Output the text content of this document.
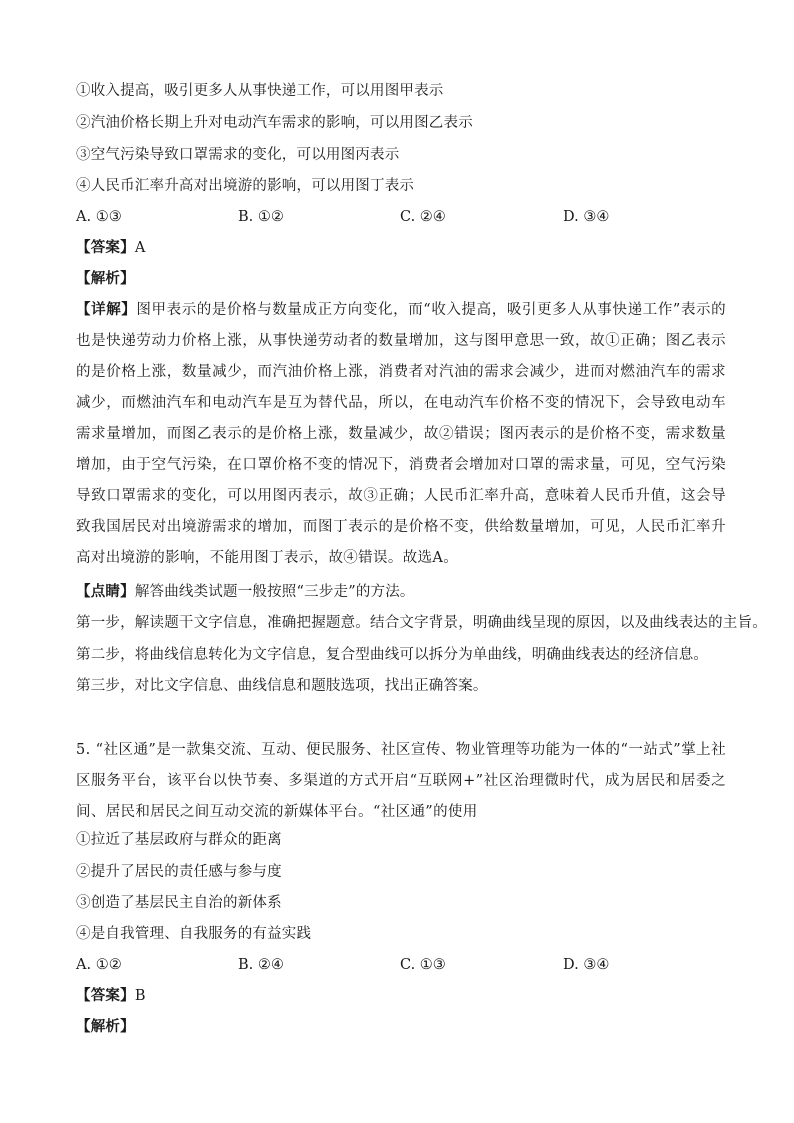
①收入提高，吸引更多人从事快递工作，可以用图甲表示
②汽油价格长期上升对电动汽车需求的影响，可以用图乙表示
③空气污染导致口罩需求的变化，可以用图丙表示
④人民币汇率升高对出境游的影响，可以用图丁表示
A. ①③	B. ①②	C. ②④	D. ③④
【答案】A
【解析】
【详解】图甲表示的是价格与数量成正方向变化，而“收入提高，吸引更多人从事快递工作”表示的也是快递劳动力价格上涨，从事快递劳动者的数量增加，这与图甲意思一致，故①正确；图乙表示的是价格上涨，数量减少，而汽油价格上涨，消费者对汽油的需求会减少，进而对燃油汽车的需求减少，而燃油汽车和电动汽车是互为替代品，所以，在电动汽车价格不变的情况下，会导致电动车需求量增加，而图乙表示的是价格上涨，数量减少，故②错误；图丙表示的是价格不变，需求数量增加，由于空气污染，在口罩价格不变的情况下，消费者会增加对口罩的需求量，可见，空气污染导致口罩需求的变化，可以用图丙表示，故③正确；人民币汇率升高，意味着人民币升值，这会导致我国居民对出境游需求的增加，而图丁表示的是价格不变，供给数量增加，可见，人民币汇率升高对出境游的影响，不能用图丁表示，故④错误。故选A。
【点睛】解答曲线类试题一般按照“三步走”的方法。
第一步，解读题干文字信息，准确把握题意。结合文字背景，明确曲线呈现的原因，以及曲线表达的主旨。
第二步，将曲线信息转化为文字信息，复合型曲线可以拆分为单曲线，明确曲线表达的经济信息。
第三步，对比文字信息、曲线信息和题肢选项，找出正确答案。
5. “社区通”是一款集交流、互动、便民服务、社区宣传、物业管理等功能为一体的“一站式”掌上社区服务平台，该平台以快节奏、多渠道的方式开启“互联网+”社区治理微时代，成为居民和居委之间、居民和居民之间互动交流的新媒体平台。“社区通”的使用
①拉近了基层政府与群众的距离
②提升了居民的责任感与参与度
③创造了基层民主自治的新体系
④是自我管理、自我服务的有益实践
A. ①②	B. ②④	C. ①③	D. ③④
【答案】B
【解析】
